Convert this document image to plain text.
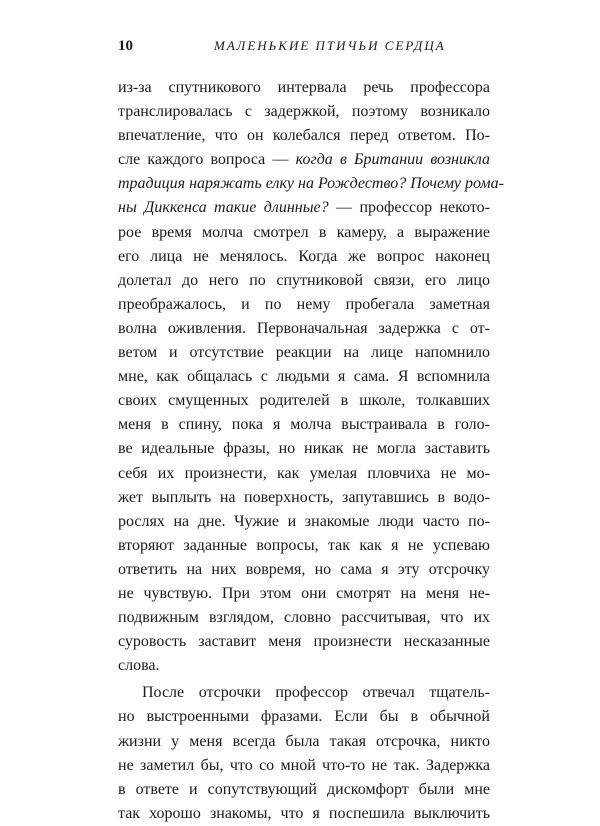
10	МАЛЕНЬКИЕ ПТИЧЬИ СЕРДЦА
из-за спутникового интервала речь профессора
транслировалась с задержкой, поэтому возникало
впечатление, что он колебался перед ответом. По-
сле каждого вопроса — когда в Британии возникла
традиция наряжать елку на Рождество? Почему рома-
ны Диккенса такие длинные? — профессор некото-
рое время молча смотрел в камеру, а выражение
его лица не менялось. Когда же вопрос наконец
долетал до него по спутниковой связи, его лицо
преображалось, и по нему пробегала заметная
волна оживления. Первоначальная задержка с от-
ветом и отсутствие реакции на лице напомнило
мне, как общалась с людьми я сама. Я вспомнила
своих смущенных родителей в школе, толкавших
меня в спину, пока я молча выстраивала в голо-
ве идеальные фразы, но никак не могла заставить
себя их произнести, как умелая пловчиха не мо-
жет выплыть на поверхность, запутавшись в водо-
рослях на дне. Чужие и знакомые люди часто по-
вторяют заданные вопросы, так как я не успеваю
ответить на них вовремя, но сама я эту отсрочку
не чувствую. При этом они смотрят на меня не-
подвижным взглядом, словно рассчитывая, что их
суровость заставит меня произнести несказанные
слова.
После отсрочки профессор отвечал тщатель-
но выстроенными фразами. Если бы в обычной
жизни у меня всегда была такая отсрочка, никто
не заметил бы, что со мной что-то не так. Задержка
в ответе и сопутствующий дискомфорт были мне
так хорошо знакомы, что я поспешила выключить
